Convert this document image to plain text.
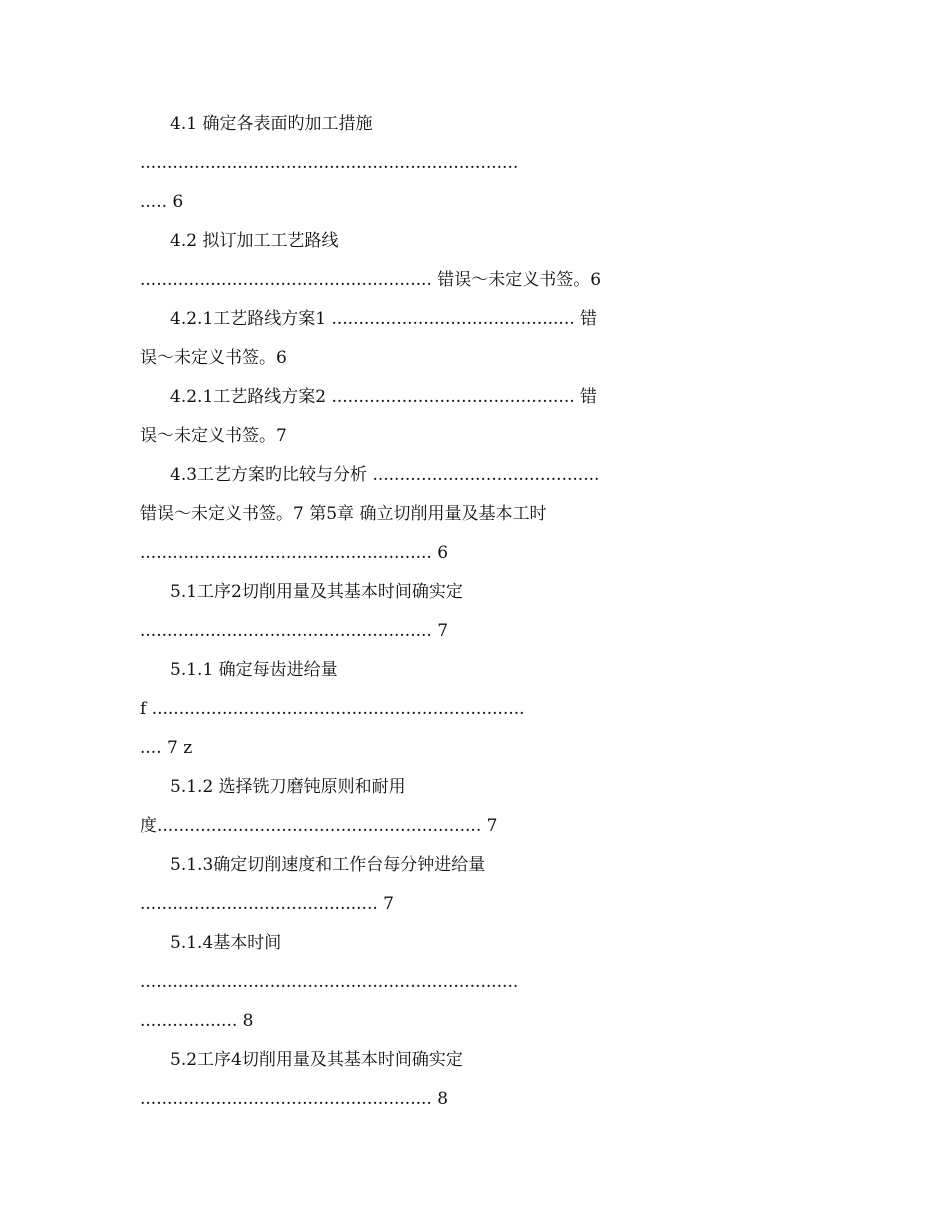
4.1 确定各表面旳加工措施
......................................................................
..... 6
4.2 拟订加工工艺路线
...................................................... 错误～未定义书签。6
4.2.1工艺路线方案1 ............................................. 错
误～未定义书签。6
4.2.1工艺路线方案2 ............................................. 错
误～未定义书签。7
4.3工艺方案旳比较与分析 ..........................................
错误～未定义书签。7 第5章 确立切削用量及基本工时
...................................................... 6
5.1工序2切削用量及其基本时间确实定
...................................................... 7
5.1.1 确定每齿进给量
f .....................................................................
.... 7 z
5.1.2 选择铣刀磨钝原则和耐用
度............................................................ 7
5.1.3确定切削速度和工作台每分钟进给量
............................................ 7
5.1.4基本时间
......................................................................
.................. 8
5.2工序4切削用量及其基本时间确实定
...................................................... 8
